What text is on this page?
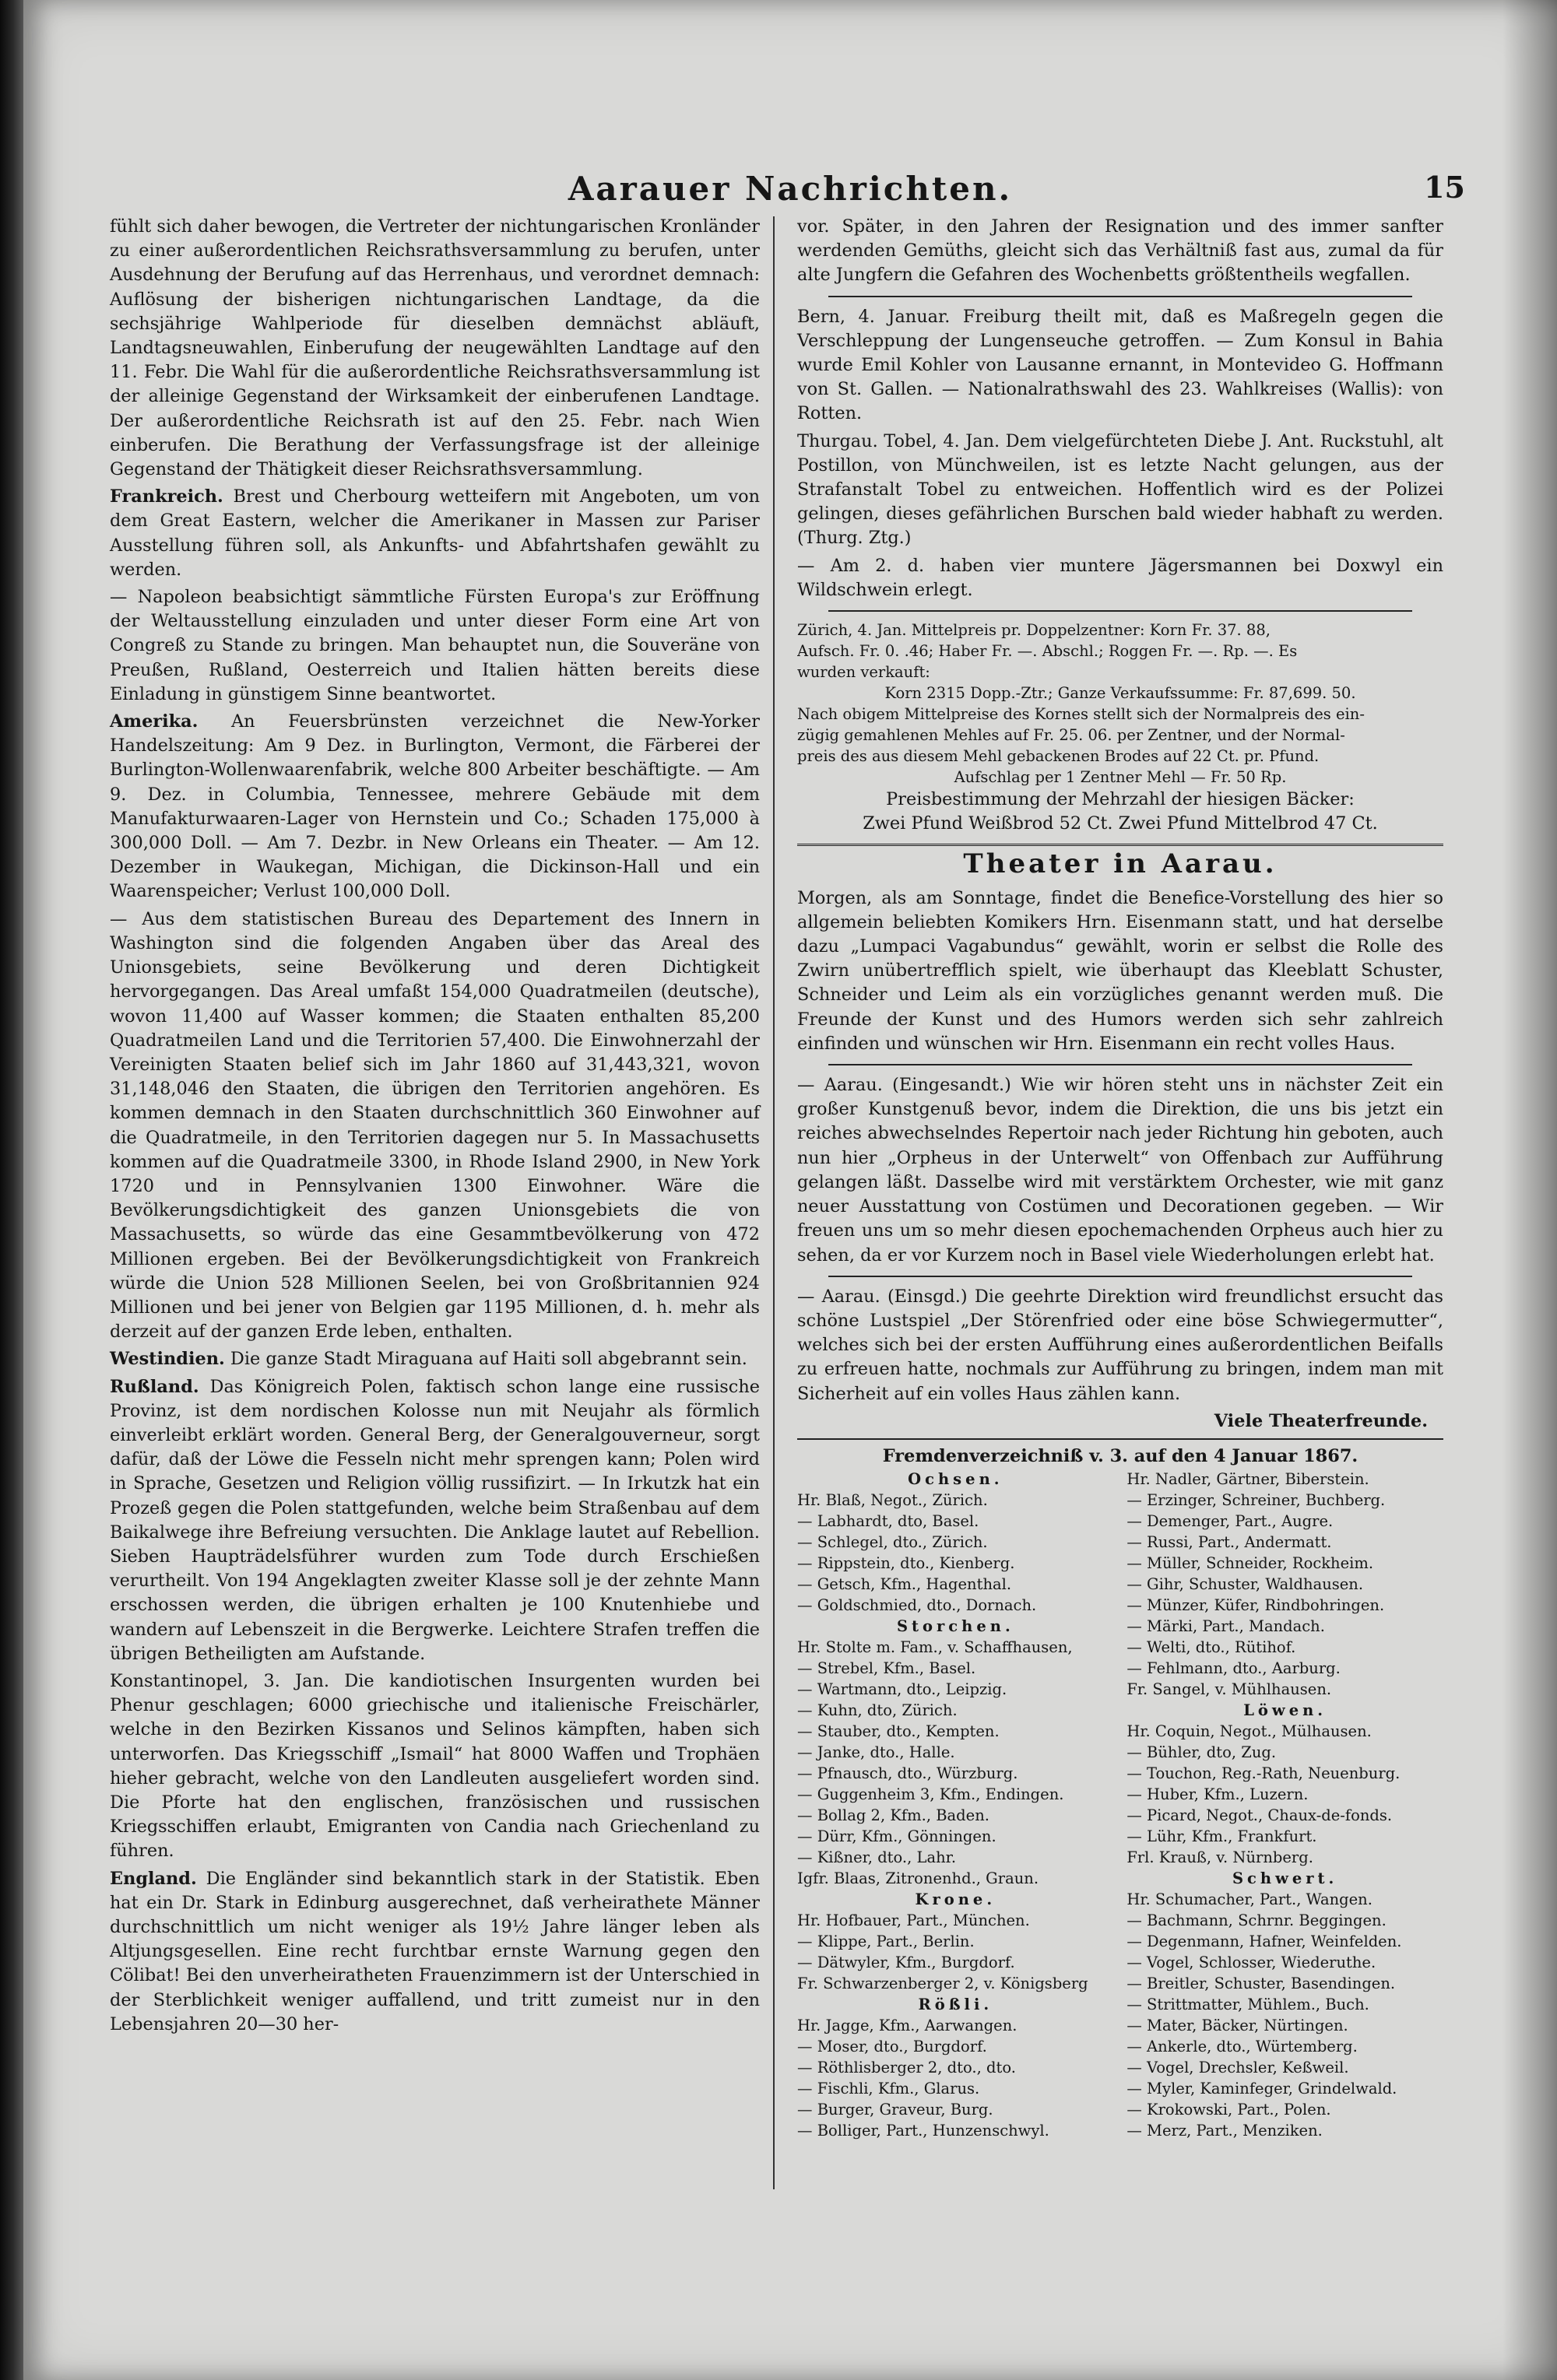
Aarauer Nachrichten.	15

fühlt sich daher bewogen, die Vertreter der nichtungarischen Kronländer zu einer außerordentlichen Reichsrathsversammlung zu berufen, unter Ausdehnung der Berufung auf das Herrenhaus, und verordnet demnach: Auflösung der bisherigen nichtungarischen Landtage, da die sechsjährige Wahlperiode für dieselben demnächst abläuft, Landtagsneuwahlen, Einberufung der neugewählten Landtage auf den 11. Febr. Die Wahl für die außerordentliche Reichsrathsversammlung ist der alleinige Gegenstand der Wirksamkeit der einberufenen Landtage. Der außerordentliche Reichsrath ist auf den 25. Febr. nach Wien einberufen. Die Berathung der Verfassungsfrage ist der alleinige Gegenstand der Thätigkeit dieser Reichsrathsversammlung.

Frankreich. Brest und Cherbourg wetteifern mit Angeboten, um von dem Great Eastern, welcher die Amerikaner in Massen zur Pariser Ausstellung führen soll, als Ankunfts- und Abfahrtshafen gewählt zu werden.

— Napoleon beabsichtigt sämmtliche Fürsten Europa's zur Eröffnung der Weltausstellung einzuladen und unter dieser Form eine Art von Congreß zu Stande zu bringen. Man behauptet nun, die Souveräne von Preußen, Rußland, Oesterreich und Italien hätten bereits diese Einladung in günstigem Sinne beantwortet.

Amerika. An Feuersbrünsten verzeichnet die New-Yorker Handelszeitung: Am 9 Dez. in Burlington, Vermont, die Färberei der Burlington-Wollenwaarenfabrik, welche 800 Arbeiter beschäftigte. — Am 9. Dez. in Columbia, Tennessee, mehrere Gebäude mit dem Manufakturwaaren-Lager von Hernstein und Co.; Schaden 175,000 à 300,000 Doll. — Am 7. Dezbr. in New Orleans ein Theater. — Am 12. Dezember in Waukegan, Michigan, die Dickinson-Hall und ein Waarenspeicher; Verlust 100,000 Doll.

— Aus dem statistischen Bureau des Departement des Innern in Washington sind die folgenden Angaben über das Areal des Unionsgebiets, seine Bevölkerung und deren Dichtigkeit hervorgegangen. Das Areal umfaßt 154,000 Quadratmeilen (deutsche), wovon 11,400 auf Wasser kommen; die Staaten enthalten 85,200 Quadratmeilen Land und die Territorien 57,400. Die Einwohnerzahl der Vereinigten Staaten belief sich im Jahr 1860 auf 31,443,321, wovon 31,148,046 den Staaten, die übrigen den Territorien angehören. Es kommen demnach in den Staaten durchschnittlich 360 Einwohner auf die Quadratmeile, in den Territorien dagegen nur 5. In Massachusetts kommen auf die Quadratmeile 3300, in Rhode Island 2900, in New York 1720 und in Pennsylvanien 1300 Einwohner. Wäre die Bevölkerungsdichtigkeit des ganzen Unionsgebiets die von Massachusetts, so würde das eine Gesammtbevölkerung von 472 Millionen ergeben. Bei der Bevölkerungsdichtigkeit von Frankreich würde die Union 528 Millionen Seelen, bei von Großbritannien 924 Millionen und bei jener von Belgien gar 1195 Millionen, d. h. mehr als derzeit auf der ganzen Erde leben, enthalten.

Westindien. Die ganze Stadt Miraguana auf Haiti soll abgebrannt sein.

Rußland. Das Königreich Polen, faktisch schon lange eine russische Provinz, ist dem nordischen Kolosse nun mit Neujahr als förmlich einverleibt erklärt worden. General Berg, der Generalgouverneur, sorgt dafür, daß der Löwe die Fesseln nicht mehr sprengen kann; Polen wird in Sprache, Gesetzen und Religion völlig russifizirt. — In Irkutzk hat ein Prozeß gegen die Polen stattgefunden, welche beim Straßenbau auf dem Baikalwege ihre Befreiung versuchten. Die Anklage lautet auf Rebellion. Sieben Haupträdelsführer wurden zum Tode durch Erschießen verurtheilt. Von 194 Angeklagten zweiter Klasse soll je der zehnte Mann erschossen werden, die übrigen erhalten je 100 Knutenhiebe und wandern auf Lebenszeit in die Bergwerke. Leichtere Strafen treffen die übrigen Betheiligten am Aufstande.

Konstantinopel, 3. Jan. Die kandiotischen Insurgenten wurden bei Phenur geschlagen; 6000 griechische und italienische Freischärler, welche in den Bezirken Kissanos und Selinos kämpften, haben sich unterworfen. Das Kriegsschiff „Ismail“ hat 8000 Waffen und Trophäen hieher gebracht, welche von den Landleuten ausgeliefert worden sind. Die Pforte hat den englischen, französischen und russischen Kriegsschiffen erlaubt, Emigranten von Candia nach Griechenland zu führen.

England. Die Engländer sind bekanntlich stark in der Statistik. Eben hat ein Dr. Stark in Edinburg ausgerechnet, daß verheirathete Männer durchschnittlich um nicht weniger als 19½ Jahre länger leben als Altjungsgesellen. Eine recht furchtbar ernste Warnung gegen den Cölibat! Bei den unverheiratheten Frauenzimmern ist der Unterschied in der Sterblichkeit weniger auffallend, und tritt zumeist nur in den Lebensjahren 20—30 her-

vor. Später, in den Jahren der Resignation und des immer sanfter werdenden Gemüths, gleicht sich das Verhältniß fast aus, zumal da für alte Jungfern die Gefahren des Wochenbetts größtentheils wegfallen.

Bern, 4. Januar. Freiburg theilt mit, daß es Maßregeln gegen die Verschleppung der Lungenseuche getroffen. — Zum Konsul in Bahia wurde Emil Kohler von Lausanne ernannt, in Montevideo G. Hoffmann von St. Gallen. — Nationalrathswahl des 23. Wahlkreises (Wallis): von Rotten.

Thurgau. Tobel, 4. Jan. Dem vielgefürchteten Diebe J. Ant. Ruckstuhl, alt Postillon, von Münchweilen, ist es letzte Nacht gelungen, aus der Strafanstalt Tobel zu entweichen. Hoffentlich wird es der Polizei gelingen, dieses gefährlichen Burschen bald wieder habhaft zu werden. (Thurg. Ztg.)

— Am 2. d. haben vier muntere Jägersmannen bei Doxwyl ein Wildschwein erlegt.

Zürich, 4. Jan. Mittelpreis pr. Doppelzentner: Korn Fr. 37. 88,
Aufsch. Fr. 0. .46; Haber Fr. —. Abschl.; Roggen Fr. —. Rp. —. Es
wurden verkauft:
Korn 2315 Dopp.-Ztr.; Ganze Verkaufssumme: Fr. 87,699. 50.
Nach obigem Mittelpreise des Kornes stellt sich der Normalpreis des ein-
zügig gemahlenen Mehles auf Fr. 25. 06. per Zentner, und der Normal-
preis des aus diesem Mehl gebackenen Brodes auf 22 Ct. pr. Pfund.
Aufschlag per 1 Zentner Mehl — Fr. 50 Rp.
Preisbestimmung der Mehrzahl der hiesigen Bäcker:
Zwei Pfund Weißbrod 52 Ct. Zwei Pfund Mittelbrod 47 Ct.
Theater in Aarau.

Morgen, als am Sonntage, findet die Benefice-Vorstellung des hier so allgemein beliebten Komikers Hrn. Eisenmann statt, und hat derselbe dazu „Lumpaci Vagabundus“ gewählt, worin er selbst die Rolle des Zwirn unübertrefflich spielt, wie überhaupt das Kleeblatt Schuster, Schneider und Leim als ein vorzügliches genannt werden muß. Die Freunde der Kunst und des Humors werden sich sehr zahlreich einfinden und wünschen wir Hrn. Eisenmann ein recht volles Haus.

— Aarau. (Eingesandt.) Wie wir hören steht uns in nächster Zeit ein großer Kunstgenuß bevor, indem die Direktion, die uns bis jetzt ein reiches abwechselndes Repertoir nach jeder Richtung hin geboten, auch nun hier „Orpheus in der Unterwelt“ von Offenbach zur Aufführung gelangen läßt. Dasselbe wird mit verstärktem Orchester, wie mit ganz neuer Ausstattung von Costümen und Decorationen gegeben. — Wir freuen uns um so mehr diesen epochemachenden Orpheus auch hier zu sehen, da er vor Kurzem noch in Basel viele Wiederholungen erlebt hat.

— Aarau. (Einsgd.) Die geehrte Direktion wird freundlichst ersucht das schöne Lustspiel „Der Störenfried oder eine böse Schwiegermutter“, welches sich bei der ersten Aufführung eines außerordentlichen Beifalls zu erfreuen hatte, nochmals zur Aufführung zu bringen, indem man mit Sicherheit auf ein volles Haus zählen kann.

Viele Theaterfreunde.
Fremdenverzeichniß v. 3. auf den 4 Januar 1867.
Ochsen.
Hr. Blaß, Negot., Zürich.
— Labhardt, dto, Basel.
— Schlegel, dto., Zürich.
— Rippstein, dto., Kienberg.
— Getsch, Kfm., Hagenthal.
— Goldschmied, dto., Dornach.
Storchen.
Hr. Stolte m. Fam., v. Schaffhausen,
— Strebel, Kfm., Basel.
— Wartmann, dto., Leipzig.
— Kuhn, dto, Zürich.
— Stauber, dto., Kempten.
— Janke, dto., Halle.
— Pfnausch, dto., Würzburg.
— Guggenheim 3, Kfm., Endingen.
— Bollag 2, Kfm., Baden.
— Dürr, Kfm., Gönningen.
— Kißner, dto., Lahr.
Igfr. Blaas, Zitronenhd., Graun.
Krone.
Hr. Hofbauer, Part., München.
— Klippe, Part., Berlin.
— Dätwyler, Kfm., Burgdorf.
Fr. Schwarzenberger 2, v. Königsberg
Rößli.
Hr. Jagge, Kfm., Aarwangen.
— Moser, dto., Burgdorf.
— Röthlisberger 2, dto., dto.
— Fischli, Kfm., Glarus.
— Burger, Graveur, Burg.
— Bolliger, Part., Hunzenschwyl.
Hr. Nadler, Gärtner, Biberstein.
— Erzinger, Schreiner, Buchberg.
— Demenger, Part., Augre.
— Russi, Part., Andermatt.
— Müller, Schneider, Rockheim.
— Gihr, Schuster, Waldhausen.
— Münzer, Küfer, Rindbohringen.
— Märki, Part., Mandach.
— Welti, dto., Rütihof.
— Fehlmann, dto., Aarburg.
Fr. Sangel, v. Mühlhausen.
Löwen.
Hr. Coquin, Negot., Mülhausen.
— Bühler, dto, Zug.
— Touchon, Reg.-Rath, Neuenburg.
— Huber, Kfm., Luzern.
— Picard, Negot., Chaux-de-fonds.
— Lühr, Kfm., Frankfurt.
Frl. Krauß, v. Nürnberg.
Schwert.
Hr. Schumacher, Part., Wangen.
— Bachmann, Schrnr. Beggingen.
— Degenmann, Hafner, Weinfelden.
— Vogel, Schlosser, Wiederuthe.
— Breitler, Schuster, Basendingen.
— Strittmatter, Mühlem., Buch.
— Mater, Bäcker, Nürtingen.
— Ankerle, dto., Würtemberg.
— Vogel, Drechsler, Keßweil.
— Myler, Kaminfeger, Grindelwald.
— Krokowski, Part., Polen.
— Merz, Part., Menziken.
